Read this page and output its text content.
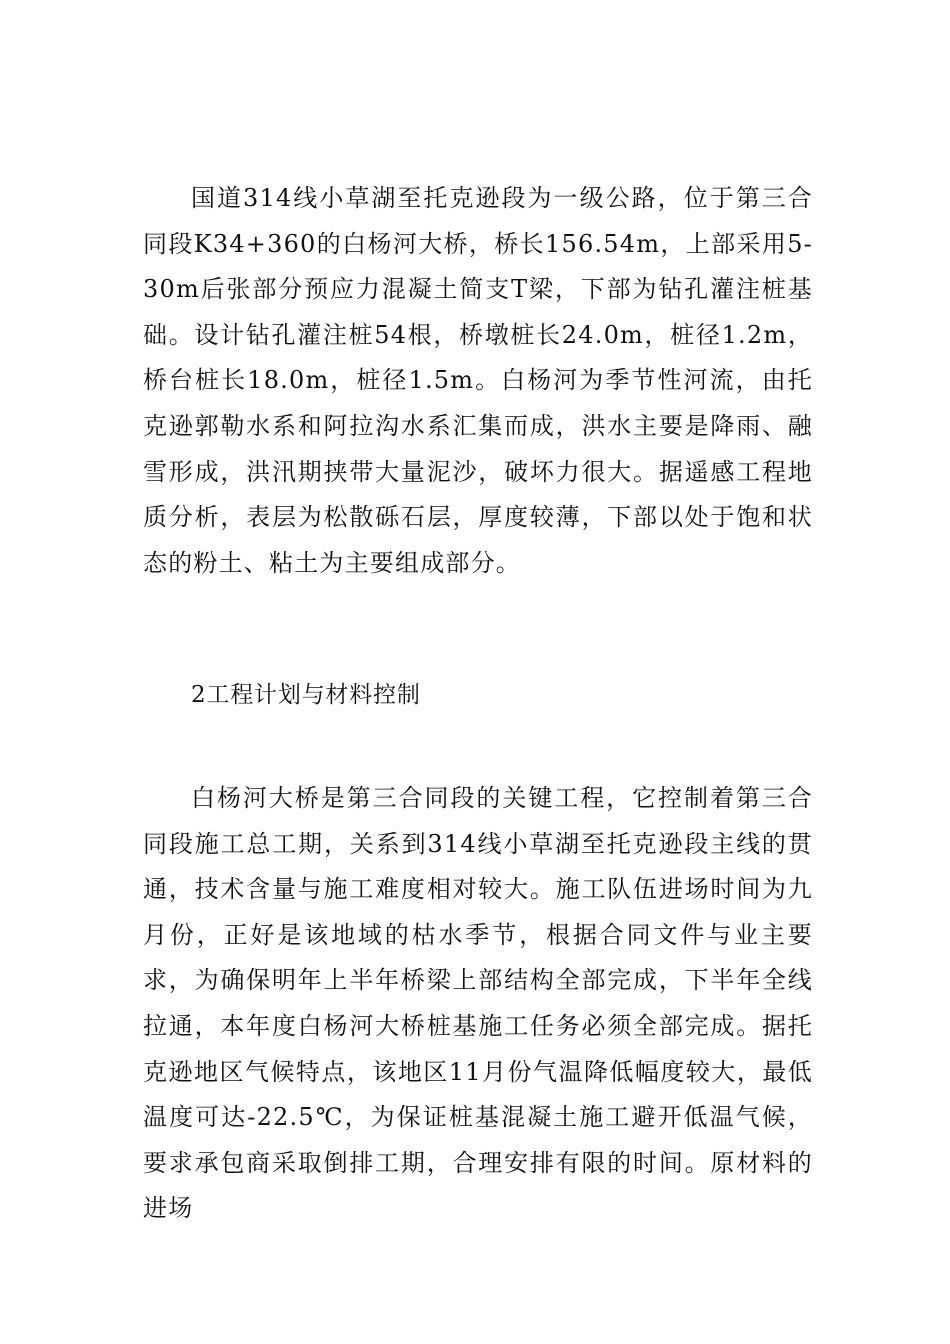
国道314线小草湖至托克逊段为一级公路，位于第三合同段K34+360的白杨河大桥，桥长156.54m，上部采用5-30m后张部分预应力混凝土简支T梁，下部为钻孔灌注桩基础。设计钻孔灌注桩54根，桥墩桩长24.0m，桩径1.2m，桥台桩长18.0m，桩径1.5m。白杨河为季节性河流，由托克逊郭勒水系和阿拉沟水系汇集而成，洪水主要是降雨、融雪形成，洪汛期挟带大量泥沙，破坏力很大。据遥感工程地质分析，表层为松散砾石层，厚度较薄，下部以处于饱和状态的粉土、粘土为主要组成部分。

2工程计划与材料控制

白杨河大桥是第三合同段的关键工程，它控制着第三合同段施工总工期，关系到314线小草湖至托克逊段主线的贯通，技术含量与施工难度相对较大。施工队伍进场时间为九月份，正好是该地域的枯水季节，根据合同文件与业主要求，为确保明年上半年桥梁上部结构全部完成，下半年全线拉通，本年度白杨河大桥桩基施工任务必须全部完成。据托克逊地区气候特点，该地区11月份气温降低幅度较大，最低温度可达-22.5℃，为保证桩基混凝土施工避开低温气候，要求承包商采取倒排工期，合理安排有限的时间。原材料的进场
